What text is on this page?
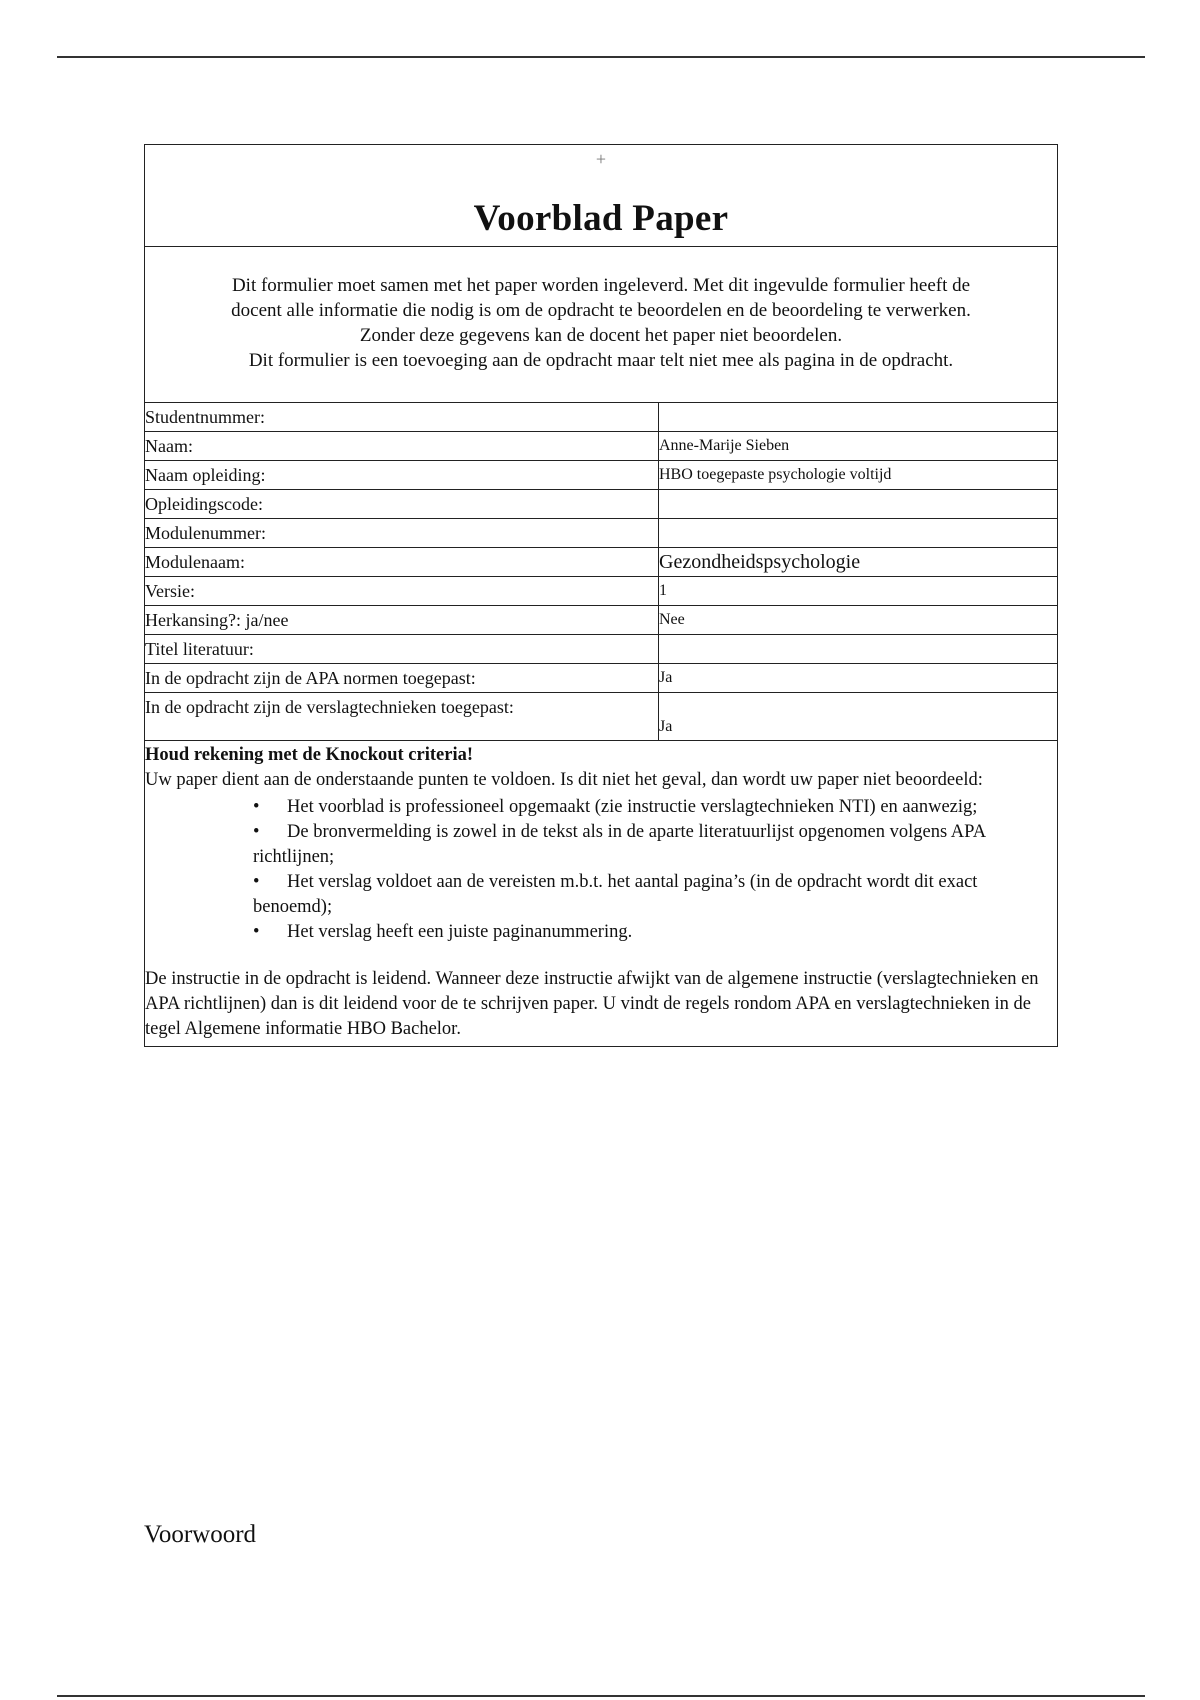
+
Voorblad Paper
Dit formulier moet samen met het paper worden ingeleverd. Met dit ingevulde formulier heeft de
docent alle informatie die nodig is om de opdracht te beoordelen en de beoordeling te verwerken.
Zonder deze gegevens kan de docent het paper niet beoordelen.
Dit formulier is een toevoeging aan de opdracht maar telt niet mee als pagina in de opdracht.
Studentnummer:	
Naam:	Anne-Marije Sieben
Naam opleiding:	HBO toegepaste psychologie voltijd
Opleidingscode:	
Modulenummer:	
Modulenaam:	Gezondheidspsychologie
Versie:	1
Herkansing?: ja/nee	Nee
Titel literatuur:	
In de opdracht zijn de APA normen toegepast:	Ja
In de opdracht zijn de verslagtechnieken toegepast:	Ja
Houd rekening met de Knockout criteria!
Uw paper dient aan de onderstaande punten te voldoen. Is dit niet het geval, dan wordt uw paper niet beoordeeld:
• Het voorblad is professioneel opgemaakt (zie instructie verslagtechnieken NTI) en aanwezig;
• De bronvermelding is zowel in de tekst als in de aparte literatuurlijst opgenomen volgens APA richtlijnen;
• Het verslag voldoet aan de vereisten m.b.t. het aantal pagina’s (in de opdracht wordt dit exact benoemd);
• Het verslag heeft een juiste paginanummering.
De instructie in de opdracht is leidend. Wanneer deze instructie afwijkt van de algemene instructie (verslagtechnieken en APA richtlijnen) dan is dit leidend voor de te schrijven paper. U vindt de regels rondom APA en verslagtechnieken in de tegel Algemene informatie HBO Bachelor.
Voorwoord
